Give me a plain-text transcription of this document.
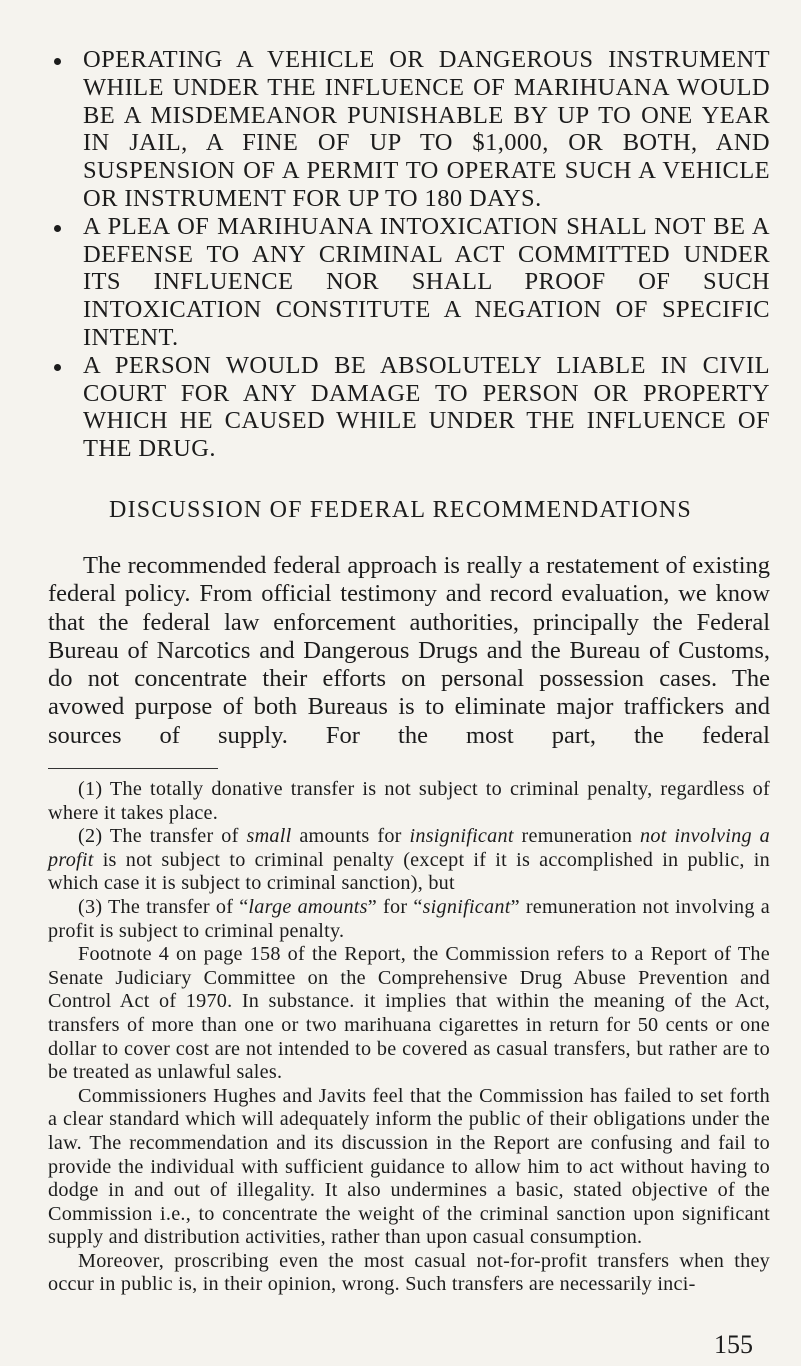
OPERATING A VEHICLE OR DANGEROUS INSTRUMENT WHILE UNDER THE INFLUENCE OF MARIHUANA WOULD BE A MISDEMEANOR PUNISHABLE BY UP TO ONE YEAR IN JAIL, A FINE OF UP TO $1,000, OR BOTH, AND SUSPENSION OF A PERMIT TO OPERATE SUCH A VEHICLE OR INSTRUMENT FOR UP TO 180 DAYS.
A PLEA OF MARIHUANA INTOXICATION SHALL NOT BE A DEFENSE TO ANY CRIMINAL ACT COMMITTED UNDER ITS INFLUENCE NOR SHALL PROOF OF SUCH INTOXICATION CONSTITUTE A NEGATION OF SPECIFIC INTENT.
A PERSON WOULD BE ABSOLUTELY LIABLE IN CIVIL COURT FOR ANY DAMAGE TO PERSON OR PROPERTY WHICH HE CAUSED WHILE UNDER THE INFLUENCE OF THE DRUG.
DISCUSSION OF FEDERAL RECOMMENDATIONS

The recommended federal approach is really a restatement of existing federal policy. From official testimony and record evaluation, we know that the federal law enforcement authorities, principally the Federal Bureau of Narcotics and Dangerous Drugs and the Bureau of Customs, do not concentrate their efforts on personal possession cases. The avowed purpose of both Bureaus is to eliminate major traffickers and sources of supply. For the most part, the federal

(1) The totally donative transfer is not subject to criminal penalty, regardless of where it takes place.

(2) The transfer of small amounts for insignificant remuneration not involving a profit is not subject to criminal penalty (except if it is accomplished in public, in which case it is subject to criminal sanction), but

(3) The transfer of “large amounts” for “significant” remuneration not involving a profit is subject to criminal penalty.

Footnote 4 on page 158 of the Report, the Commission refers to a Report of The Senate Judiciary Committee on the Comprehensive Drug Abuse Prevention and Control Act of 1970. In substance. it implies that within the meaning of the Act, transfers of more than one or two marihuana cigarettes in return for 50 cents or one dollar to cover cost are not intended to be covered as casual transfers, but rather are to be treated as unlawful sales.

Commissioners Hughes and Javits feel that the Commission has failed to set forth a clear standard which will adequately inform the public of their obligations under the law. The recommendation and its discussion in the Report are confusing and fail to provide the individual with sufficient guidance to allow him to act without having to dodge in and out of illegality. It also undermines a basic, stated objective of the Commission i.e., to concentrate the weight of the criminal sanction upon significant supply and distribution activities, rather than upon casual consumption.

Moreover, proscribing even the most casual not-for-profit transfers when they occur in public is, in their opinion, wrong. Such transfers are necessarily inci-

155
